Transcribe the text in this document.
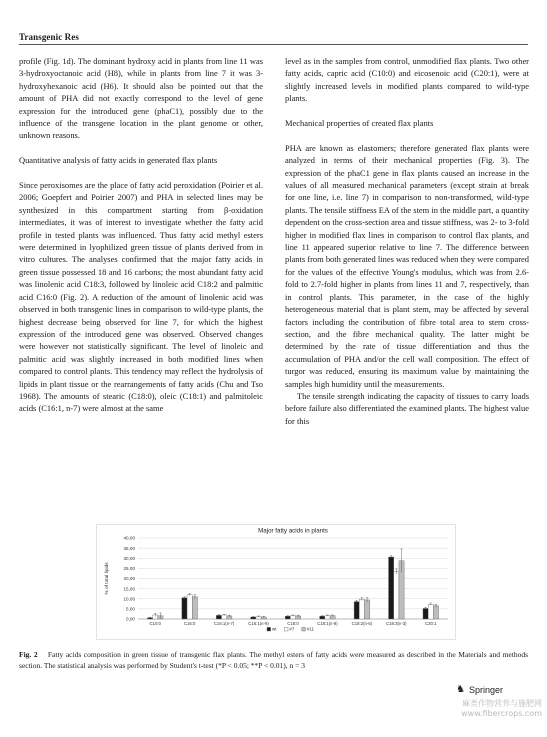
Transgenic Res

profile (Fig. 1d). The dominant hydroxy acid in plants from line 11 was 3-hydroxyoctanoic acid (H8), while in plants from line 7 it was 3-hydroxyhexanoic acid (H6). It should also be pointed out that the amount of PHA did not exactly correspond to the level of gene expression for the introduced gene (phaC1), possibly due to the influence of the transgene location in the plant genome or other, unknown reasons.

Quantitative analysis of fatty acids in generated flax plants

Since peroxisomes are the place of fatty acid peroxidation (Poirier et al. 2006; Goepfert and Poirier 2007) and PHA in selected lines may be synthesized in this compartment starting from β-oxidation intermediates, it was of interest to investigate whether the fatty acid profile in tested plants was influenced. Thus fatty acid methyl esters were determined in lyophilized green tissue of plants derived from in vitro cultures. The analyses confirmed that the major fatty acids in green tissue possessed 18 and 16 carbons; the most abundant fatty acid was linolenic acid C18:3, followed by linoleic acid C18:2 and palmitic acid C16:0 (Fig. 2). A reduction of the amount of linolenic acid was observed in both transgenic lines in comparison to wild-type plants, the highest decrease being observed for line 7, for which the highest expression of the introduced gene was observed. Observed changes were however not statistically significant. The level of linoleic and palmitic acid was slightly increased in both modified lines when compared to control plants. This tendency may reflect the hydrolysis of lipids in plant tissue or the rearrangements of fatty acids (Chu and Tso 1968). The amounts of stearic (C18:0), oleic (C18:1) and palmitoleic acids (C16:1, n-7) were almost at the same

level as in the samples from control, unmodified flax plants. Two other fatty acids, capric acid (C10:0) and eicosenoic acid (C20:1), were at slightly increased levels in modified plants compared to wild-type plants.

Mechanical properties of created flax plants

PHA are known as elastomers; therefore generated flax plants were analyzed in terms of their mechanical properties (Fig. 3). The expression of the phaC1 gene in flax plants caused an increase in the values of all measured mechanical parameters (except strain at break for one line, i.e. line 7) in comparison to non-transformed, wild-type plants. The tensile stiffness EA of the stem in the middle part, a quantity dependent on the cross-section area and tissue stiffness, was 2- to 3-fold higher in modified flax lines in comparison to control flax plants, and line 11 appeared superior relative to line 7. The difference between plants from both generated lines was reduced when they were compared for the values of the effective Young's modulus, which was from 2.6-fold to 2.7-fold higher in plants from lines 11 and 7, respectively, than in control plants. This parameter, in the case of the highly heterogeneous material that is plant stem, may be affected by several factors including the contribution of fibre total area to stem cross-section, and the fibre mechanical quality. The latter might be determined by the rate of tissue differentiation and thus the accumulation of PHA and/or the cell wall composition. The effect of turgor was reduced, ensuring its maximum value by maintaining the samples high humidity until the measurements.

The tensile strength indicating the capacity of tissues to carry loads before failure also differentiated the examined plants. The highest value for this

Major fatty acids in plants
0,00
5,00
10,00
15,00
20,00
25,00
30,00
35,00
40,00
% of total lipids
C10:0	C16:0	C16:1(n-7)	C16:1(n-9)	C18:0	C18:1(n-9)	C18:2(n-6)	C18:3(n-3)	C20:1
wt	#7	#11
Fig. 2 Fatty acids composition in green tissue of transgenic flax plants. The methyl esters of fatty acids were measured as described in the Materials and methods section. The statistical analysis was performed by Student's t-test (*P < 0.05; **P < 0.01), n = 3
♞ Springer
麻类作物营养与施肥网
www.fibercrops.com
